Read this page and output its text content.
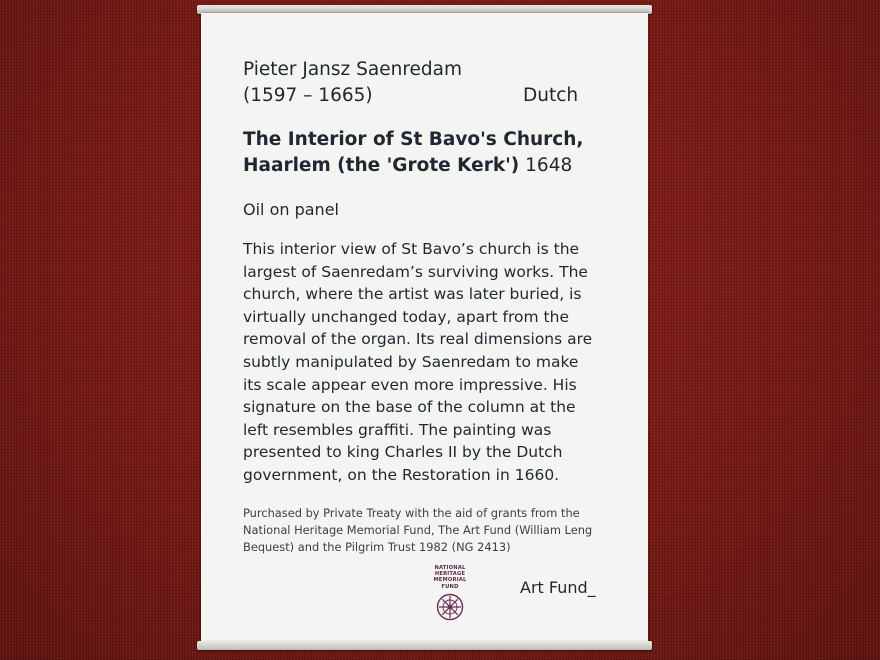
Pieter Jansz Saenredam
(1597 – 1665)	Dutch
The Interior of St Bavo's Church,
Haarlem (the 'Grote Kerk') 1648
Oil on panel
This interior view of St Bavo’s church is the
largest of Saenredam’s surviving works. The
church, where the artist was later buried, is
virtually unchanged today, apart from the
removal of the organ. Its real dimensions are
subtly manipulated by Saenredam to make
its scale appear even more impressive. His
signature on the base of the column at the
left resembles graffiti. The painting was
presented to king Charles II by the Dutch
government, on the Restoration in 1660.
Purchased by Private Treaty with the aid of grants from the
National Heritage Memorial Fund, The Art Fund (William Leng
Bequest) and the Pilgrim Trust 1982 (NG 2413)
NATIONAL
HERITAGE
MEMORIAL
FUND	Art Fund_
